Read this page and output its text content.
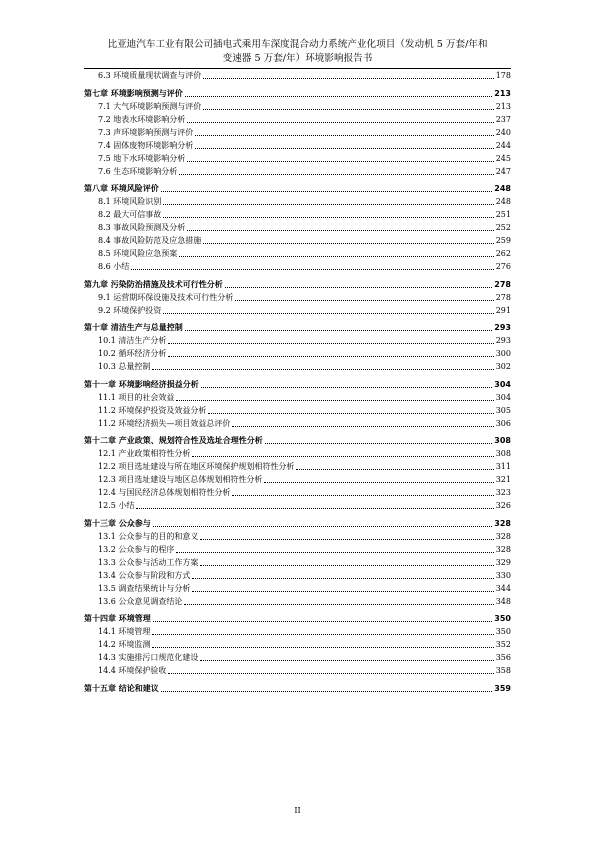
比亚迪汽车工业有限公司插电式乘用车深度混合动力系统产业化项目（发动机 5 万套/年和
变速器 5 万套/年）环境影响报告书
6.3 环境质量现状调查与评价	178
第七章 环境影响预测与评价	213
7.1 大气环境影响预测与评价	213
7.2 地表水环境影响分析	237
7.3 声环境影响预测与评价	240
7.4 固体废物环境影响分析	244
7.5 地下水环境影响分析	245
7.6 生态环境影响分析	247
第八章 环境风险评价	248
8.1 环境风险识别	248
8.2 最大可信事故	251
8.3 事故风险预测及分析	252
8.4 事故风险防范及应急措施	259
8.5 环境风险应急预案	262
8.6 小结	276
第九章 污染防治措施及技术可行性分析	278
9.1 运营期环保设施及技术可行性分析	278
9.2 环境保护投资	291
第十章 清洁生产与总量控制	293
10.1 清洁生产分析	293
10.2 循环经济分析	300
10.3 总量控制	302
第十一章 环境影响经济损益分析	304
11.1 项目的社会效益	304
11.2 环境保护投资及效益分析	305
11.2 环境经济损失—项目效益总评价	306
第十二章 产业政策、规划符合性及选址合理性分析	308
12.1 产业政策相符性分析	308
12.2 项目选址建设与所在地区环境保护规划相符性分析	311
12.3 项目选址建设与地区总体规划相符性分析	321
12.4 与国民经济总体规划相符性分析	323
12.5 小结	326
第十三章 公众参与	328
13.1 公众参与的目的和意义	328
13.2 公众参与的程序	328
13.3 公众参与活动工作方案	329
13.4 公众参与阶段和方式	330
13.5 调查结果统计与分析	344
13.6 公众意见调查结论	348
第十四章 环境管理	350
14.1 环境管理	350
14.2 环境监测	352
14.3 实施排污口规范化建设	356
14.4 环境保护验收	358
第十五章 结论和建议	359
II
